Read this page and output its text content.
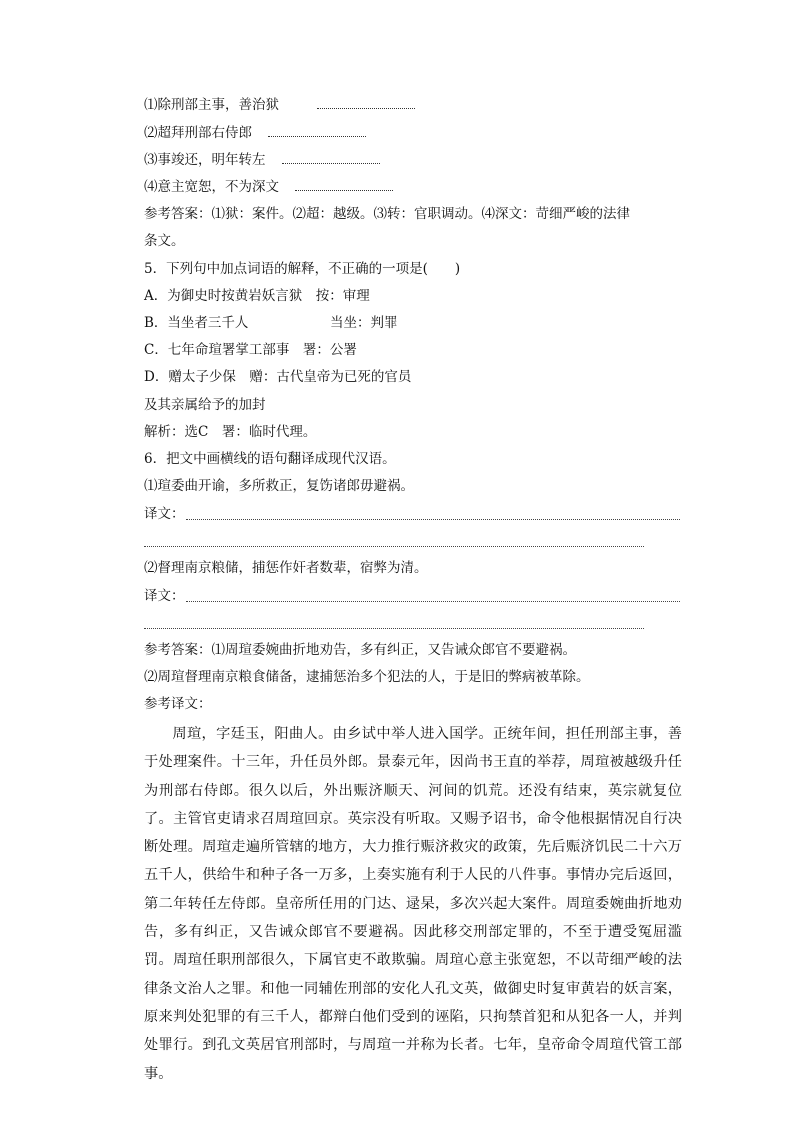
⑴除刑部主事，善治狱
⑵超拜刑部右侍郎
⑶事竣还，明年转左
⑷意主宽恕，不为深文
参考答案：⑴狱：案件。⑵超：越级。⑶转：官职调动。⑷深文：苛细严峻的法律
条文。
5．下列句中加点词语的解释，不正确的一项是(　　)
A．为御史时按黄岩妖言狱　按：审理
B．当坐者三千人	当坐：判罪
C．七年命瑄署掌工部事　署：公署
D．赠太子少保　赠：古代皇帝为已死的官员
及其亲属给予的加封
解析：选C　署：临时代理。
6．把文中画横线的语句翻译成现代汉语。
⑴瑄委曲开谕，多所救正，复饬诸郎毋避祸。
译文：
⑵督理南京粮储，捕惩作奸者数辈，宿弊为清。
译文：
参考答案：⑴周瑄委婉曲折地劝告，多有纠正，又告诫众郎官不要避祸。
⑵周瑄督理南京粮食储备，逮捕惩治多个犯法的人，于是旧的弊病被革除。
参考译文：
周瑄，字廷玉，阳曲人。由乡试中举人进入国学。正统年间，担任刑部主事，善于处理案件。十三年，升任员外郎。景泰元年，因尚书王直的举荐，周瑄被越级升任为刑部右侍郎。很久以后，外出赈济顺天、河间的饥荒。还没有结束，英宗就复位了。主管官吏请求召周瑄回京。英宗没有听取。又赐予诏书，命令他根据情况自行决断处理。周瑄走遍所管辖的地方，大力推行赈济救灾的政策，先后赈济饥民二十六万五千人，供给牛和种子各一万多，上奏实施有利于人民的八件事。事情办完后返回，第二年转任左侍郎。皇帝所任用的门达、逯杲，多次兴起大案件。周瑄委婉曲折地劝告，多有纠正，又告诫众郎官不要避祸。因此移交刑部定罪的，不至于遭受冤屈滥罚。周瑄任职刑部很久，下属官吏不敢欺骗。周瑄心意主张宽恕，不以苛细严峻的法律条文治人之罪。和他一同辅佐刑部的安化人孔文英，做御史时复审黄岩的妖言案，原来判处犯罪的有三千人，都辩白他们受到的诬陷，只拘禁首犯和从犯各一人，并判处罪行。到孔文英居官刑部时，与周瑄一并称为长者。七年，皇帝命令周瑄代管工部事。
